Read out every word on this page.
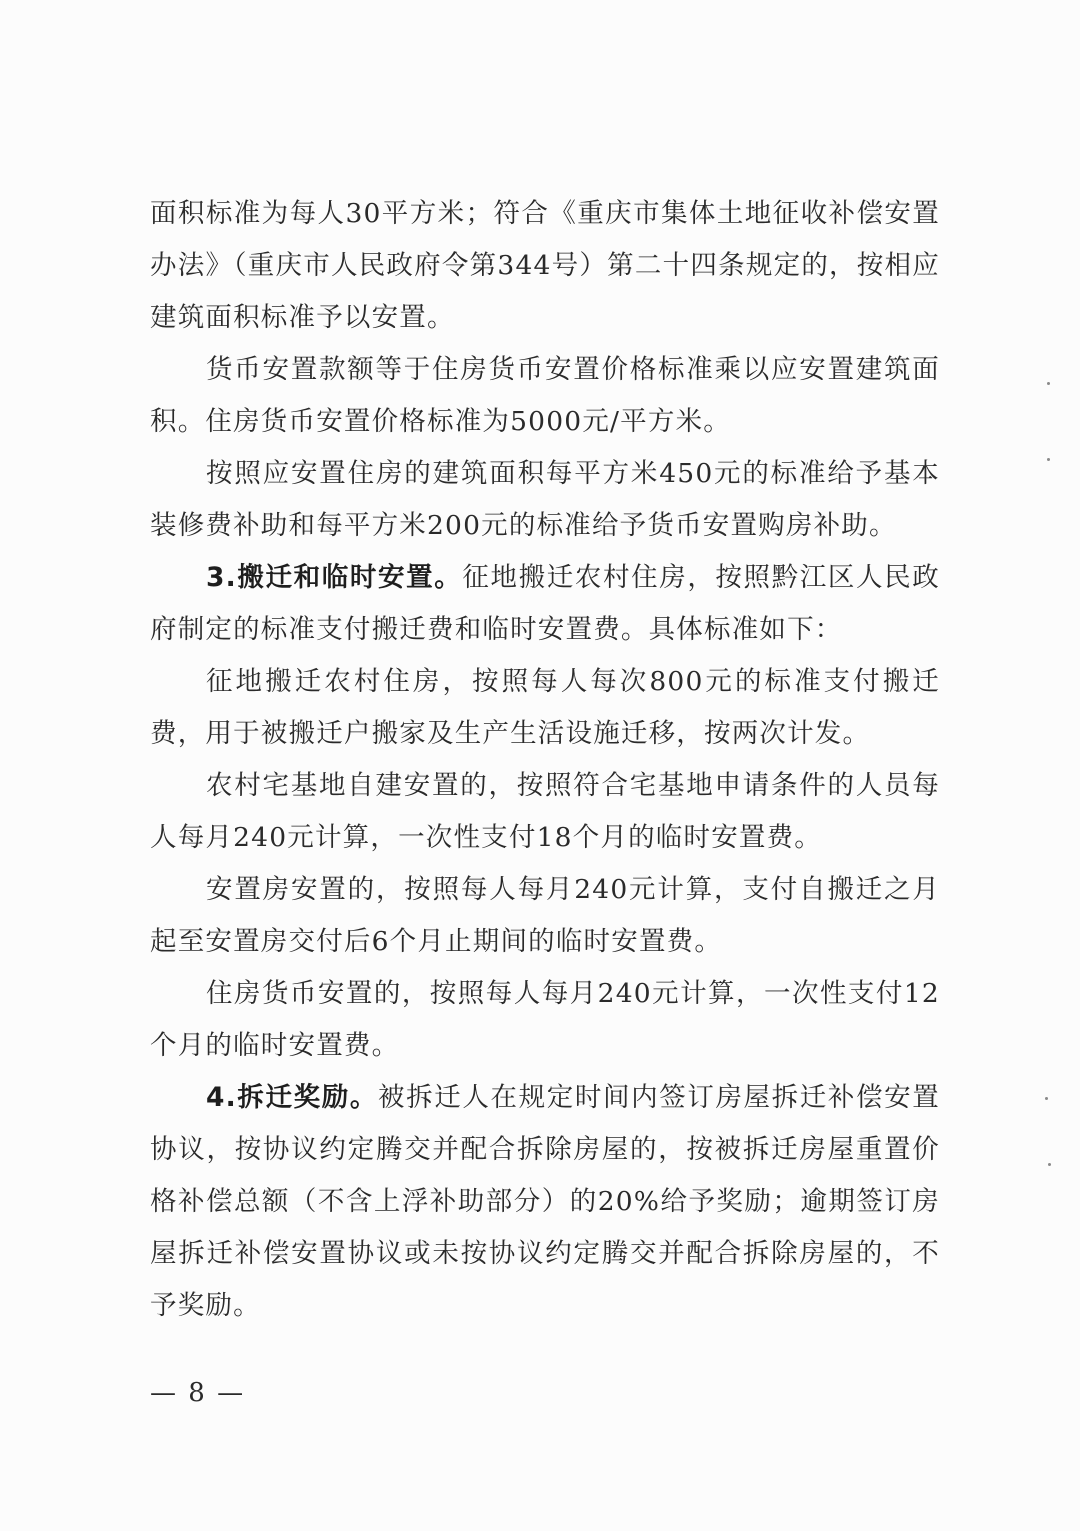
面积标准为每人30平方米；符合《重庆市集体土地征收补偿安置办法》（重庆市人民政府令第344号）第二十四条规定的，按相应建筑面积标准予以安置。

货币安置款额等于住房货币安置价格标准乘以应安置建筑面积。住房货币安置价格标准为5000元/平方米。

按照应安置住房的建筑面积每平方米450元的标准给予基本装修费补助和每平方米200元的标准给予货币安置购房补助。

3.搬迁和临时安置。征地搬迁农村住房，按照黔江区人民政府制定的标准支付搬迁费和临时安置费。具体标准如下：

征地搬迁农村住房，按照每人每次800元的标准支付搬迁费，用于被搬迁户搬家及生产生活设施迁移，按两次计发。

农村宅基地自建安置的，按照符合宅基地申请条件的人员每人每月240元计算，一次性支付18个月的临时安置费。

安置房安置的，按照每人每月240元计算，支付自搬迁之月起至安置房交付后6个月止期间的临时安置费。

住房货币安置的，按照每人每月240元计算，一次性支付12个月的临时安置费。

4.拆迁奖励。被拆迁人在规定时间内签订房屋拆迁补偿安置协议，按协议约定腾交并配合拆除房屋的，按被拆迁房屋重置价格补偿总额（不含上浮补助部分）的20%给予奖励；逾期签订房屋拆迁补偿安置协议或未按协议约定腾交并配合拆除房屋的，不予奖励。

— 8 —
